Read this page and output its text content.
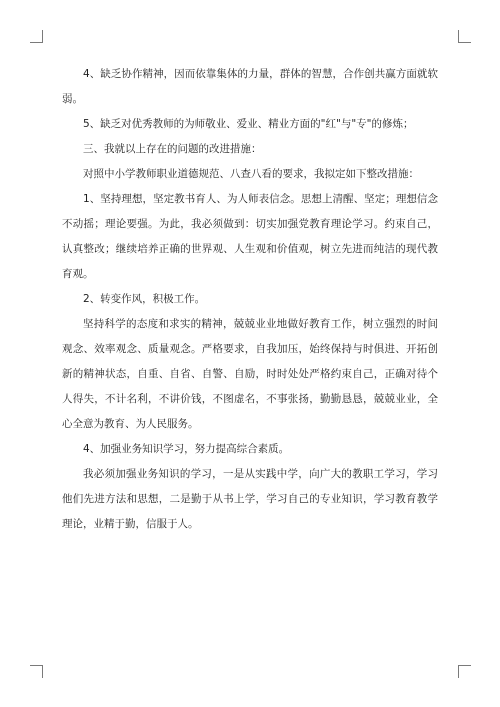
4、缺乏协作精神，因而依靠集体的力量，群体的智慧，合作创共赢方面就软弱。

5、缺乏对优秀教师的为师敬业、爱业、精业方面的"红"与"专"的修炼；

三、我就以上存在的问题的改进措施：

对照中小学教师职业道德规范、八查八看的要求，我拟定如下整改措施：

1、坚持理想，坚定教书育人、为人师表信念。思想上清醒、坚定；理想信念不动摇；理论要强。为此，我必须做到：切实加强党教育理论学习。约束自己，认真整改；继续培养正确的世界观、人生观和价值观，树立先进而纯洁的现代教育观。

2、转变作风，积极工作。

坚持科学的态度和求实的精神，兢兢业业地做好教育工作，树立强烈的时间观念、效率观念、质量观念。严格要求，自我加压，始终保持与时俱进、开拓创新的精神状态，自重、自省、自警、自励，时时处处严格约束自己，正确对待个人得失，不计名利，不讲价钱，不图虚名，不事张扬，勤勤恳恳，兢兢业业，全心全意为教育、为人民服务。

4、加强业务知识学习，努力提高综合素质。

我必须加强业务知识的学习，一是从实践中学，向广大的教职工学习，学习他们先进方法和思想，二是勤于从书上学，学习自己的专业知识，学习教育教学理论，业精于勤，信服于人。
